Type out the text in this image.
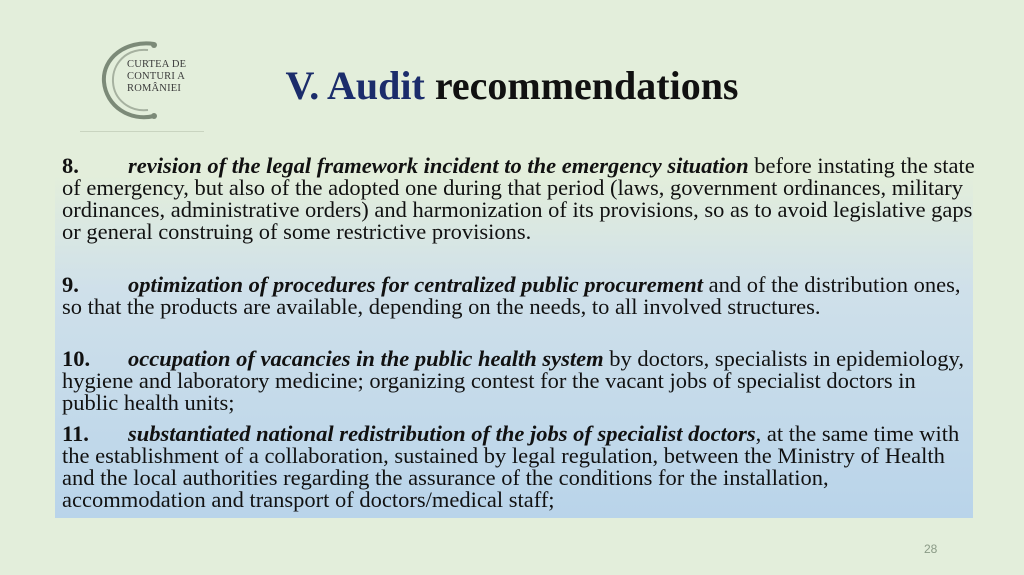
CURTEA DE
CONTURI A
ROMÂNIEI	V. Audit recommendations
8. revision of the legal framework incident to the emergency situation before instating the state of emergency, but also of the adopted one during that period (laws, government ordinances, military ordinances, administrative orders) and harmonization of its provisions, so as to avoid legislative gaps or general construing of some restrictive provisions.
9. optimization of procedures for centralized public procurement and of the distribution ones, so that the products are available, depending on the needs, to all involved structures.
10. occupation of vacancies in the public health system by doctors, specialists in epidemiology, hygiene and laboratory medicine; organizing contest for the vacant jobs of specialist doctors in public health units;
11. substantiated national redistribution of the jobs of specialist doctors, at the same time with the establishment of a collaboration, sustained by legal regulation, between the Ministry of Health and the local authorities regarding the assurance of the conditions for the installation, accommodation and transport of doctors/medical staff;
28
